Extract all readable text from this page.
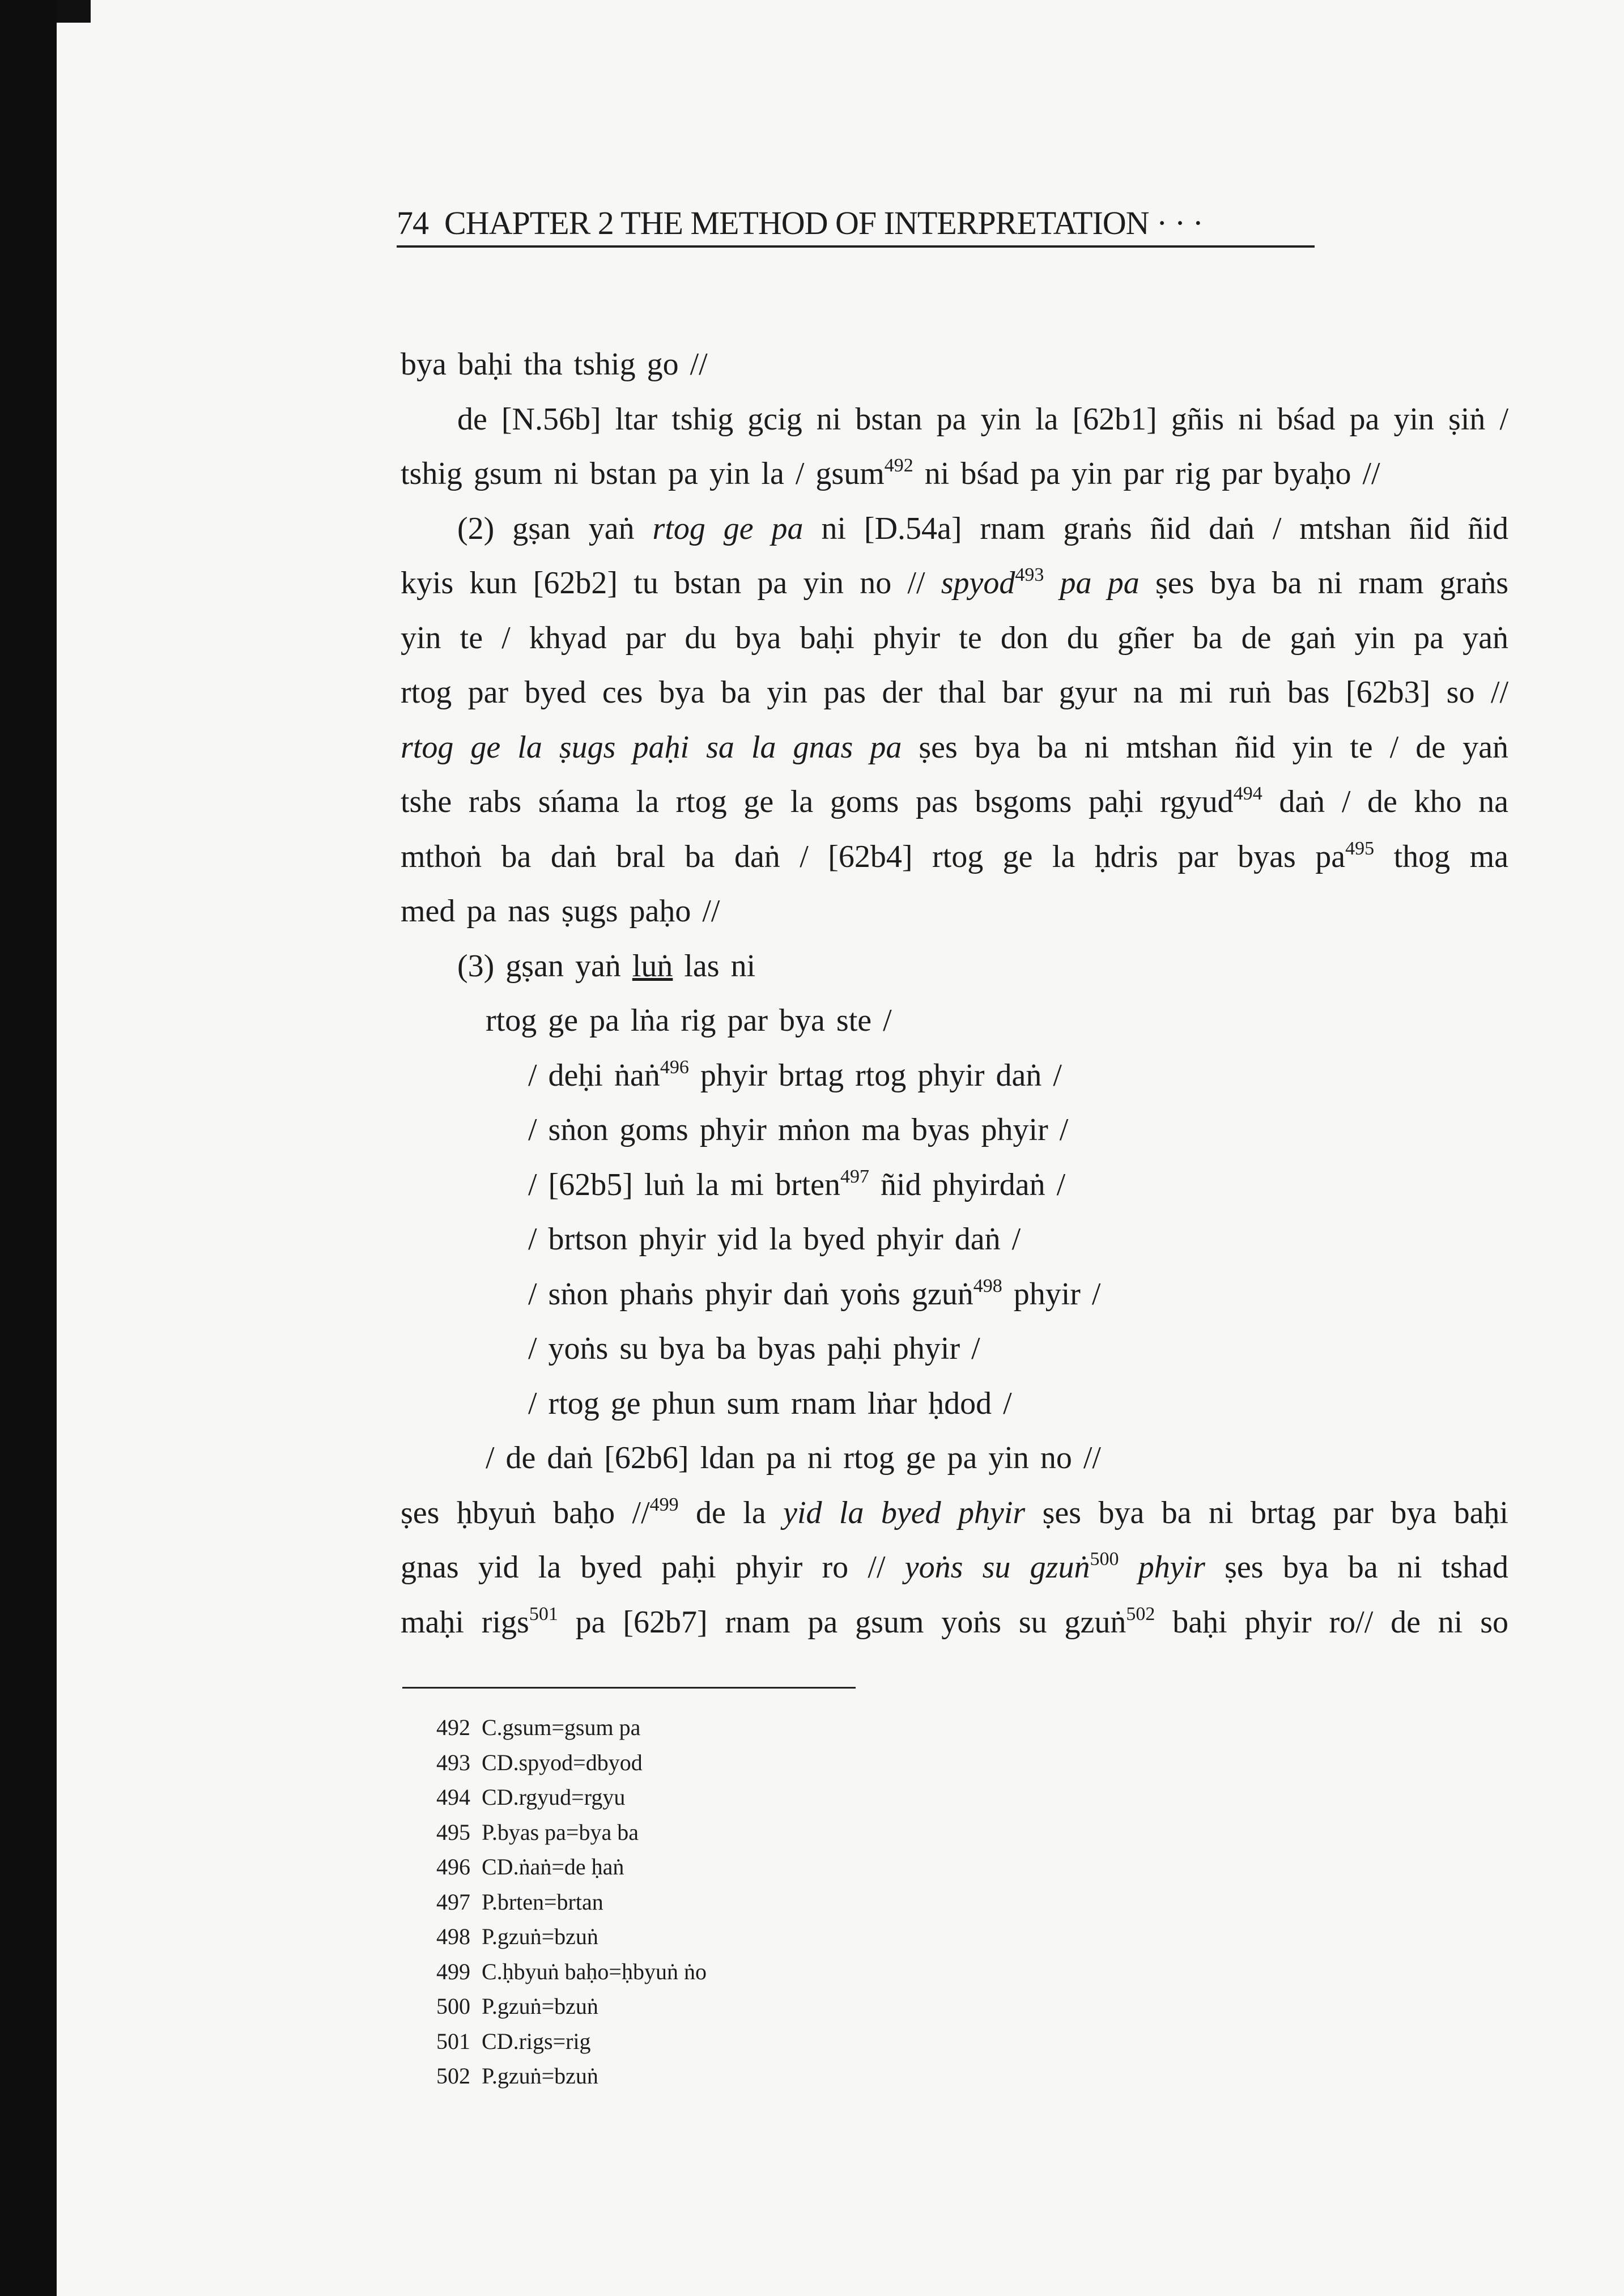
74 CHAPTER 2 THE METHOD OF INTERPRETATION · · ·
bya baḥi tha tshig go //
de [N.56b] ltar tshig gcig ni bstan pa yin la [62b1] gñis ni bśad pa yin ṣiṅ /
tshig gsum ni bstan pa yin la / gsum$^{492}$ ni bśad pa yin par rig par byaḥo //
(2) gṣan yaṅ rtog ge pa ni [D.54a] rnam graṅs ñid daṅ / mtshan ñid ñid
kyis kun [62b2] tu bstan pa yin no // spyod$^{493}$ pa pa ṣes bya ba ni rnam graṅs
yin te / khyad par du bya baḥi phyir te don du gñer ba de gaṅ yin pa yaṅ
rtog par byed ces bya ba yin pas der thal bar gyur na mi ruṅ bas [62b3] so //
rtog ge la ṣugs paḥi sa la gnas pa ṣes bya ba ni mtshan ñid yin te / de yaṅ
tshe rabs sńama la rtog ge la goms pas bsgoms paḥi rgyud$^{494}$ daṅ / de kho na
mthoṅ ba daṅ bral ba daṅ / [62b4] rtog ge la ḥdris par byas $pa^{495}$ thog ma
med pa nas ṣugs paḥo //
(3) gṣan yaṅ luṅ las ni
rtog ge pa lṅa rig par bya ste /
/ deḥi ṅaṅ$^{496}$ phyir brtag rtog phyir daṅ /
/ sṅon goms phyir mṅon ma byas phyir /
/ [62b5] luṅ la mi brten$^{497}$ ñid phyirdaṅ /
/ brtson phyir yid la byed phyir daṅ /
/ sṅon phaṅs phyir daṅ yoṅs gzuṅ$^{498}$ phyir /
/ yoṅs su bya ba byas paḥi phyir /
/ rtog ge phun sum rnam lṅar ḥdod /
/ de daṅ [62b6] ldan pa ni rtog ge pa yin no //
ṣes ḥbyuṅ baḥo //$^{499}$ de la yid la byed phyir ṣes bya ba ni brtag par bya baḥi
gnas yid la byed paḥi phyir ro // yoṅs su gzuṅ$^{500}$ phyir ṣes bya ba ni tshad
maḥi rigs$^{501}$ pa [62b7] rnam pa gsum yoṅs su gzuṅ$^{502}$ baḥi phyir ro// de ni so
492 C.gsum=gsum pa
493 CD.spyod=dbyod
494 CD.rgyud=rgyu
495 P.byas pa=bya ba
496 CD.ṅaṅ=de ḥaṅ
497 P.brten=brtan
498 P.gzuṅ=bzuṅ
499 C.ḥbyuṅ baḥo=ḥbyuṅ ṅo
500 P.gzuṅ=bzuṅ
501 CD.rigs=rig
502 P.gzuṅ=bzuṅ
